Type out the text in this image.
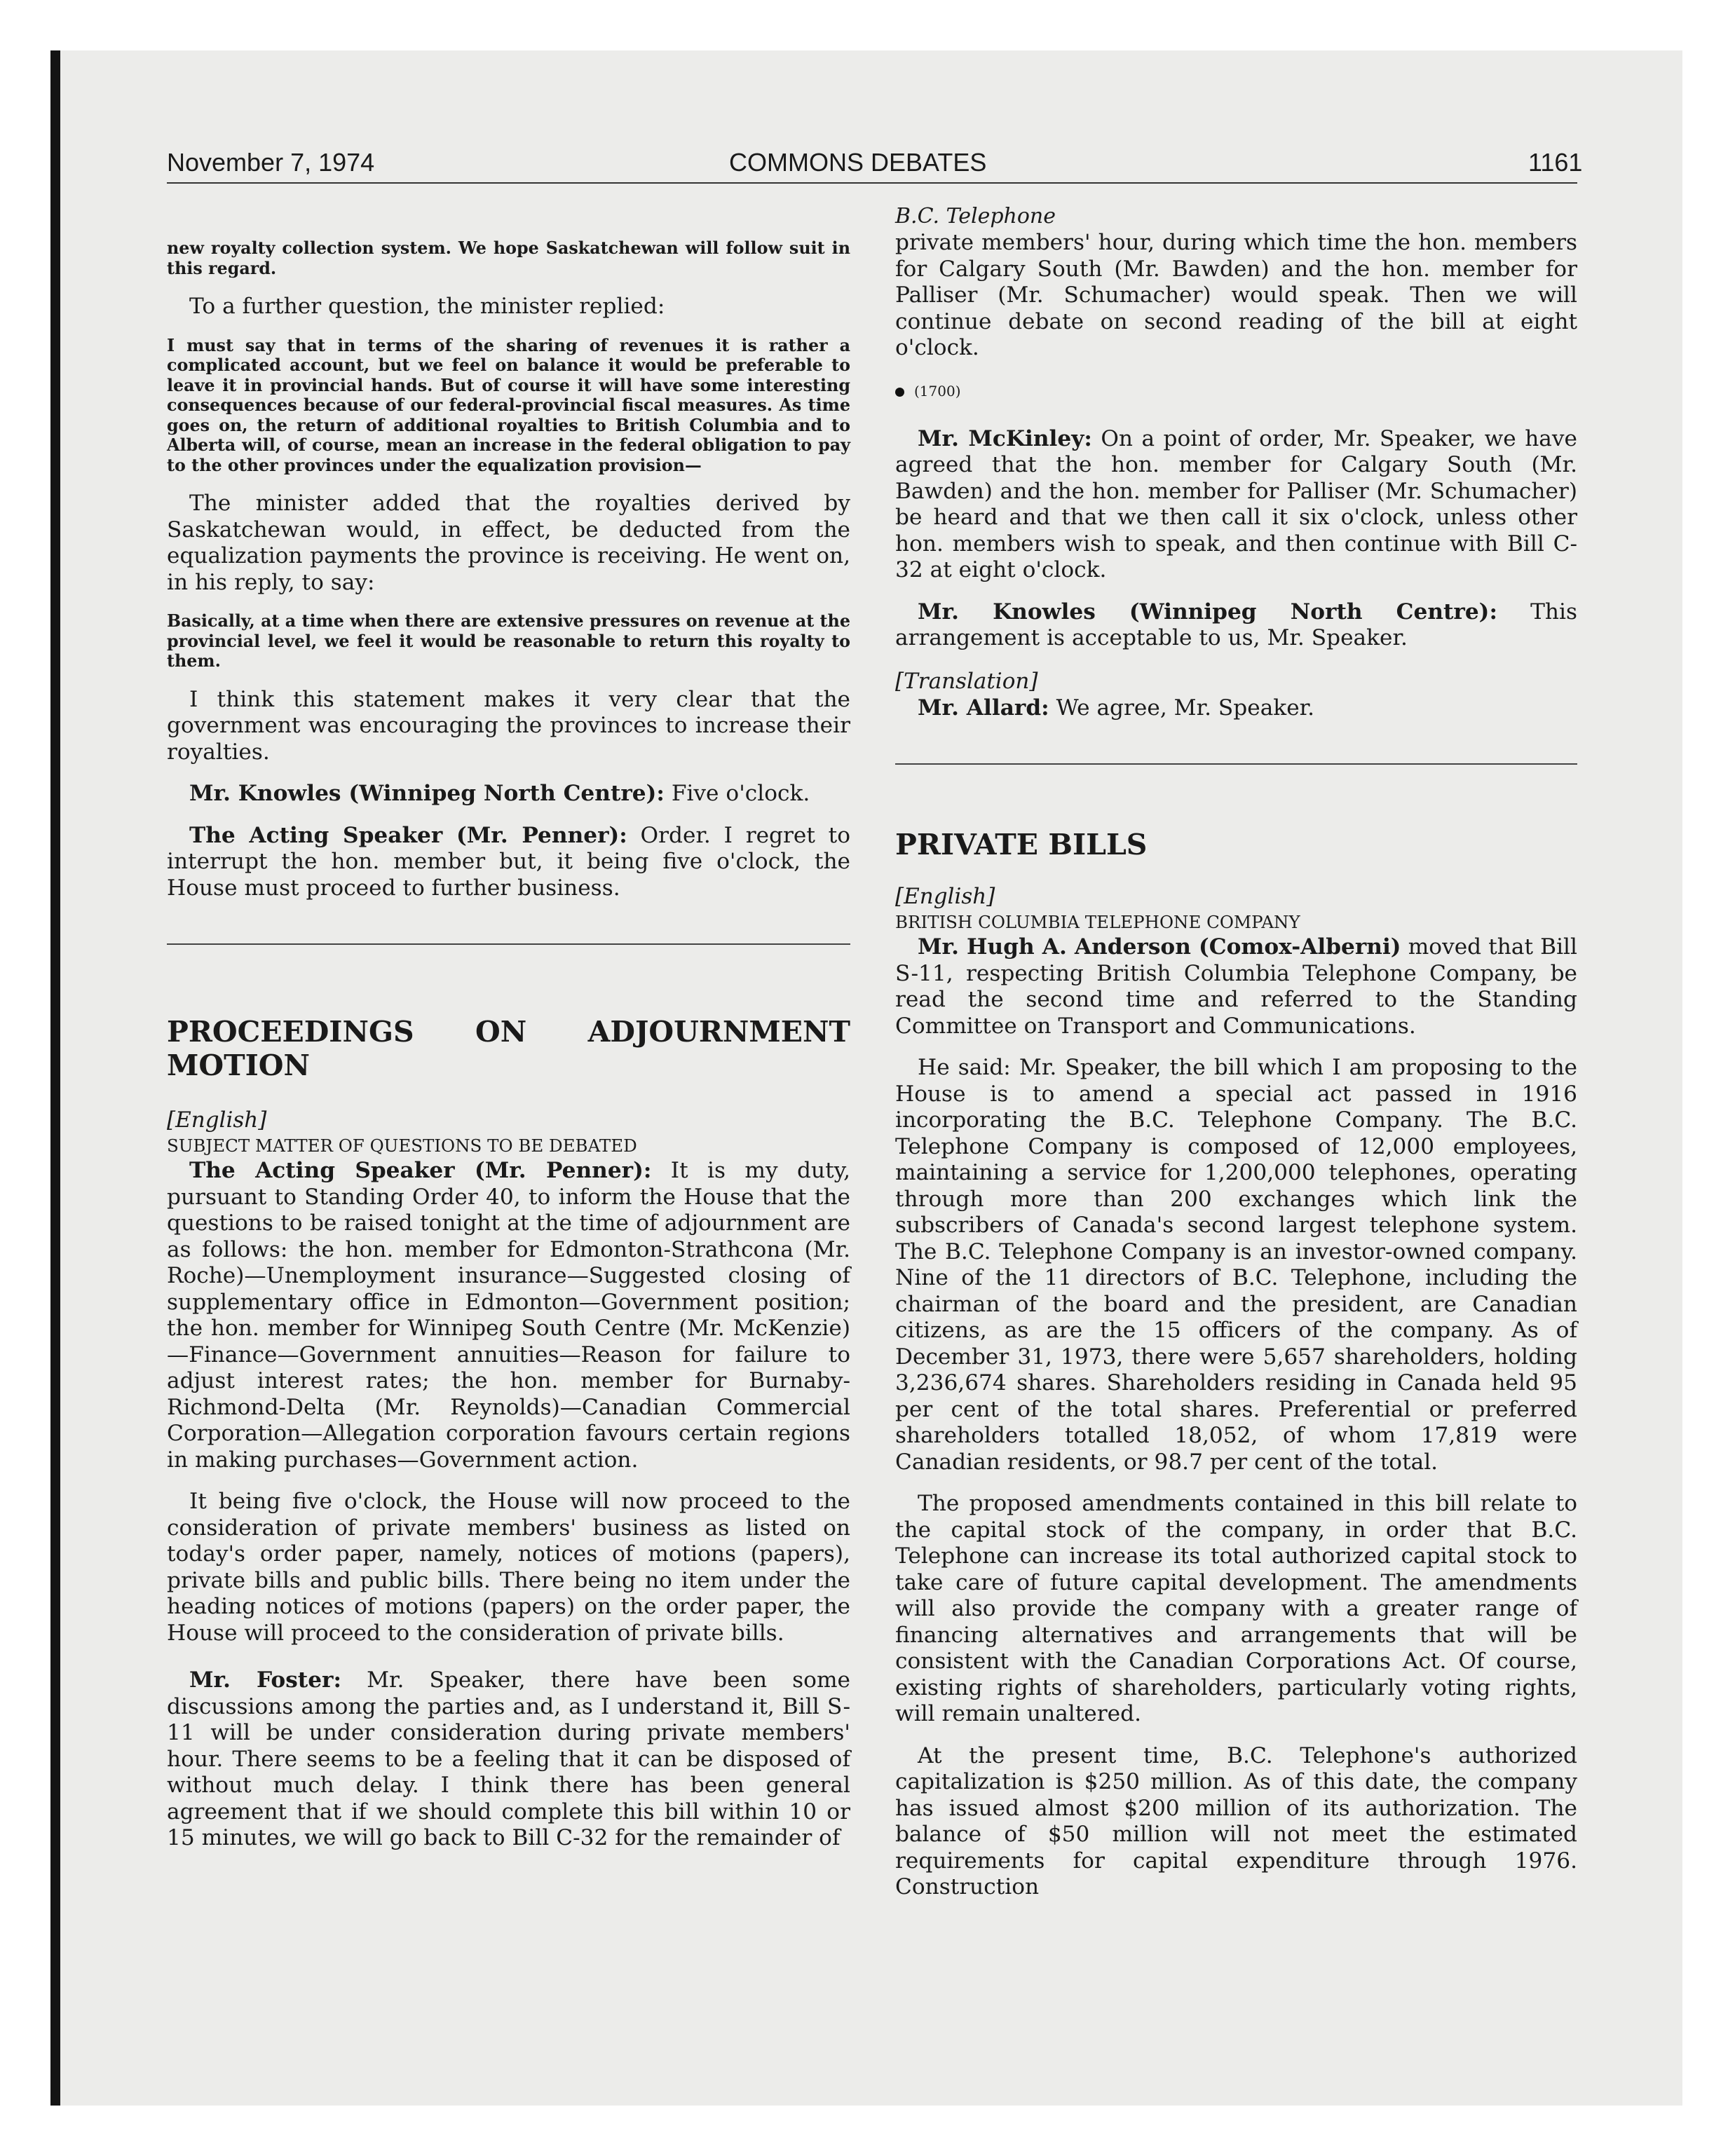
November 7, 1974	COMMONS DEBATES	1161

new royalty collection system. We hope Saskatchewan will follow suit in this regard.

To a further question, the minister replied:

I must say that in terms of the sharing of revenues it is rather a complicated account, but we feel on balance it would be preferable to leave it in provincial hands. But of course it will have some interesting consequences because of our federal-provincial fiscal measures. As time goes on, the return of additional royalties to British Columbia and to Alberta will, of course, mean an increase in the federal obligation to pay to the other provinces under the equalization provision—

The minister added that the royalties derived by Saskatchewan would, in effect, be deducted from the equalization payments the province is receiving. He went on, in his reply, to say:

Basically, at a time when there are extensive pressures on revenue at the provincial level, we feel it would be reasonable to return this royalty to them.

I think this statement makes it very clear that the government was encouraging the provinces to increase their royalties.

Mr. Knowles (Winnipeg North Centre): Five o'clock.

The Acting Speaker (Mr. Penner): Order. I regret to interrupt the hon. member but, it being five o'clock, the House must proceed to further business.

PROCEEDINGS ON ADJOURNMENT MOTION

[English]

SUBJECT MATTER OF QUESTIONS TO BE DEBATED

The Acting Speaker (Mr. Penner): It is my duty, pursuant to Standing Order 40, to inform the House that the questions to be raised tonight at the time of adjournment are as follows: the hon. member for Edmonton-Strathcona (Mr. Roche)—Unemployment insurance—Suggested closing of supplementary office in Edmonton—Government position; the hon. member for Winnipeg South Centre (Mr. McKenzie)—Finance—Government annuities—Reason for failure to adjust interest rates; the hon. member for Burnaby-Richmond-Delta (Mr. Reynolds)—Canadian Commercial Corporation—Allegation corporation favours certain regions in making purchases—Government action.

It being five o'clock, the House will now proceed to the consideration of private members' business as listed on today's order paper, namely, notices of motions (papers), private bills and public bills. There being no item under the heading notices of motions (papers) on the order paper, the House will proceed to the consideration of private bills.

Mr. Foster: Mr. Speaker, there have been some discussions among the parties and, as I understand it, Bill S-11 will be under consideration during private members' hour. There seems to be a feeling that it can be disposed of without much delay. I think there has been general agreement that if we should complete this bill within 10 or 15 minutes, we will go back to Bill C-32 for the remainder of

B.C. Telephone

private members' hour, during which time the hon. members for Calgary South (Mr. Bawden) and the hon. member for Palliser (Mr. Schumacher) would speak. Then we will continue debate on second reading of the bill at eight o'clock.

(1700)

Mr. McKinley: On a point of order, Mr. Speaker, we have agreed that the hon. member for Calgary South (Mr. Bawden) and the hon. member for Palliser (Mr. Schumacher) be heard and that we then call it six o'clock, unless other hon. members wish to speak, and then continue with Bill C-32 at eight o'clock.

Mr. Knowles (Winnipeg North Centre): This arrangement is acceptable to us, Mr. Speaker.

[Translation]

Mr. Allard: We agree, Mr. Speaker.

PRIVATE BILLS

[English]

BRITISH COLUMBIA TELEPHONE COMPANY

Mr. Hugh A. Anderson (Comox-Alberni) moved that Bill S-11, respecting British Columbia Telephone Company, be read the second time and referred to the Standing Committee on Transport and Communications.

He said: Mr. Speaker, the bill which I am proposing to the House is to amend a special act passed in 1916 incorporating the B.C. Telephone Company. The B.C. Telephone Company is composed of 12,000 employees, maintaining a service for 1,200,000 telephones, operating through more than 200 exchanges which link the subscribers of Canada's second largest telephone system. The B.C. Telephone Company is an investor-owned company. Nine of the 11 directors of B.C. Telephone, including the chairman of the board and the president, are Canadian citizens, as are the 15 officers of the company. As of December 31, 1973, there were 5,657 shareholders, holding 3,236,674 shares. Shareholders residing in Canada held 95 per cent of the total shares. Preferential or preferred shareholders totalled 18,052, of whom 17,819 were Canadian residents, or 98.7 per cent of the total.

The proposed amendments contained in this bill relate to the capital stock of the company, in order that B.C. Telephone can increase its total authorized capital stock to take care of future capital development. The amendments will also provide the company with a greater range of financing alternatives and arrangements that will be consistent with the Canadian Corporations Act. Of course, existing rights of shareholders, particularly voting rights, will remain unaltered.

At the present time, B.C. Telephone's authorized capitalization is $250 million. As of this date, the company has issued almost $200 million of its authorization. The balance of $50 million will not meet the estimated requirements for capital expenditure through 1976. Construction
